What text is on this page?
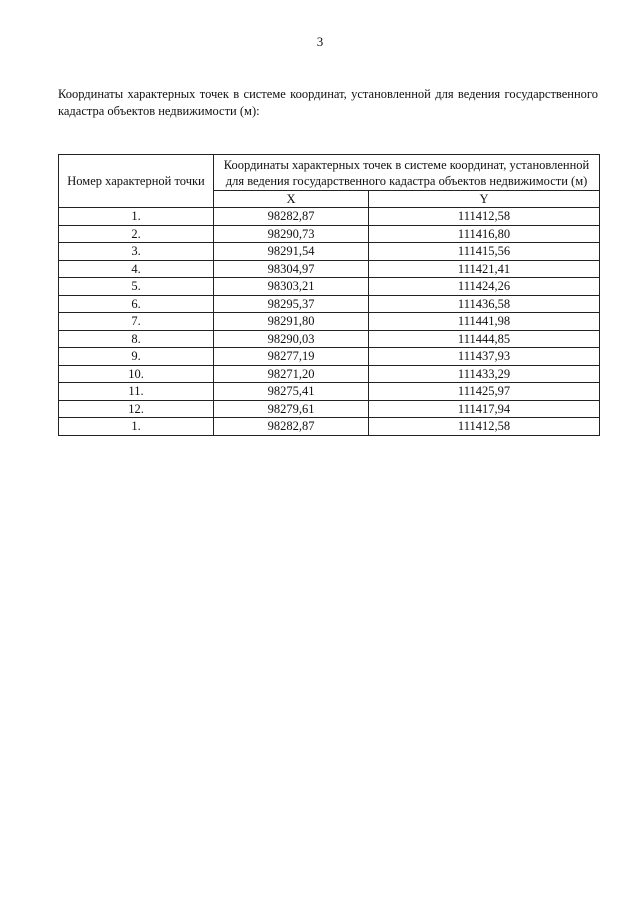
3
Координаты характерных точек в системе координат, установленной для ведения государственного кадастра объектов недвижимости (м):
Номер характерной точки	Координаты характерных точек в системе координат, установленной для ведения государственного кадастра объектов недвижимости (м)	
	X	Y
1.	98282,87	111412,58
2.	98290,73	111416,80
3.	98291,54	111415,56
4.	98304,97	111421,41
5.	98303,21	111424,26
6.	98295,37	111436,58
7.	98291,80	111441,98
8.	98290,03	111444,85
9.	98277,19	111437,93
10.	98271,20	111433,29
11.	98275,41	111425,97
12.	98279,61	111417,94
1.	98282,87	111412,58
